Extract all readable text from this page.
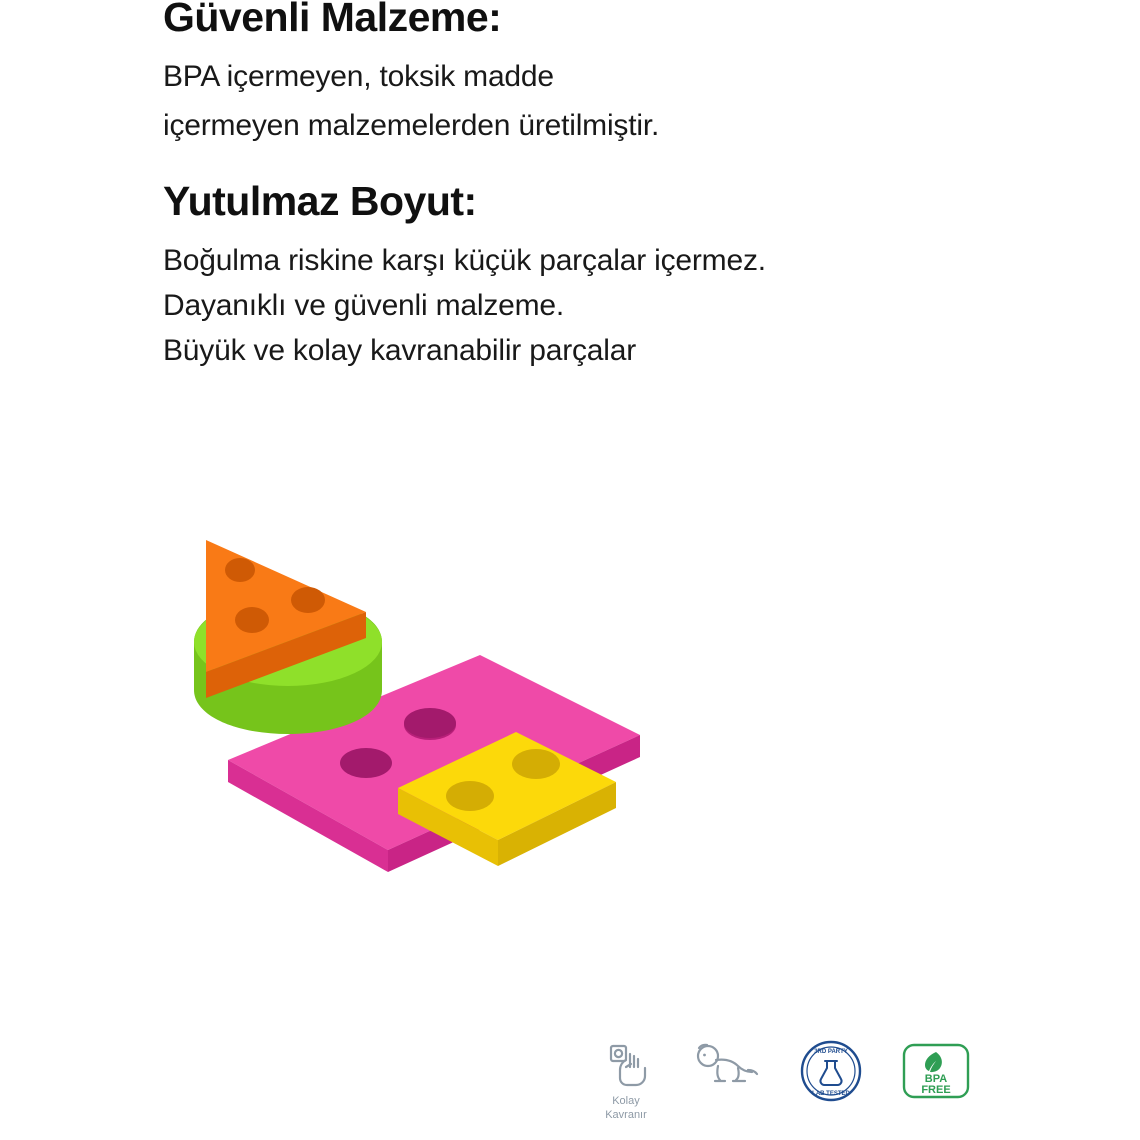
Güvenli Malzeme:

BPA içermeyen, toksik madde

içermeyen malzemelerden üretilmiştir.

Yutulmaz Boyut:

Boğulma riskine karşı küçük parçalar içermez.

Dayanıklı ve güvenli malzeme.

Büyük ve kolay kavranabilir parçalar

Kolay
Kavranır
3RD PARTY
LAB TESTED
BPA
FREE
